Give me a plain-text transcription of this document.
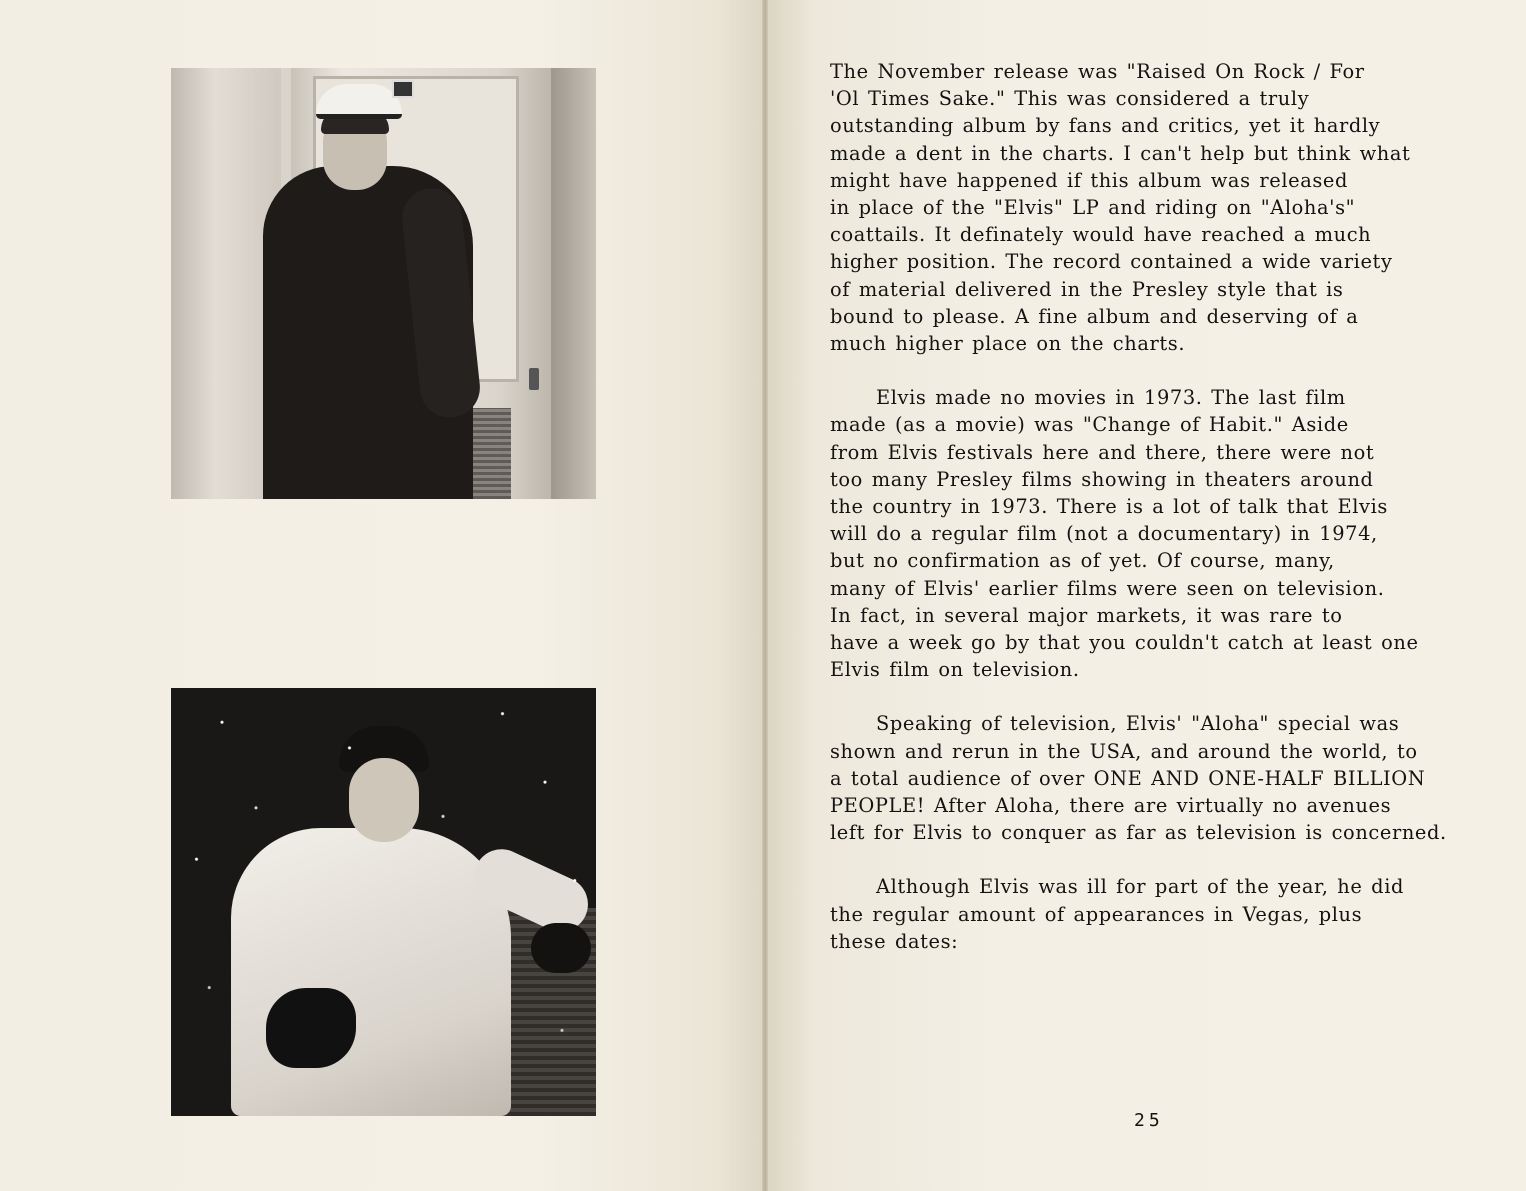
The November release was "Raised On Rock / For
'Ol Times Sake." This was considered a truly
outstanding album by fans and critics, yet it hardly
made a dent in the charts. I can't help but think what
might have happened if this album was released
in place of the "Elvis" LP and riding on "Aloha's"
coattails. It definately would have reached a much
higher position. The record contained a wide variety
of material delivered in the Presley style that is
bound to please. A fine album and deserving of a
much higher place on the charts.

Elvis made no movies in 1973. The last film
made (as a movie) was "Change of Habit." Aside
from Elvis festivals here and there, there were not
too many Presley films showing in theaters around
the country in 1973. There is a lot of talk that Elvis
will do a regular film (not a documentary) in 1974,
but no confirmation as of yet. Of course, many,
many of Elvis' earlier films were seen on television.
In fact, in several major markets, it was rare to
have a week go by that you couldn't catch at least one
Elvis film on television.

Speaking of television, Elvis' "Aloha" special was
shown and rerun in the USA, and around the world, to
a total audience of over ONE AND ONE-HALF BILLION
PEOPLE! After Aloha, there are virtually no avenues
left for Elvis to conquer as far as television is concerned.

Although Elvis was ill for part of the year, he did
the regular amount of appearances in Vegas, plus
these dates:

25
